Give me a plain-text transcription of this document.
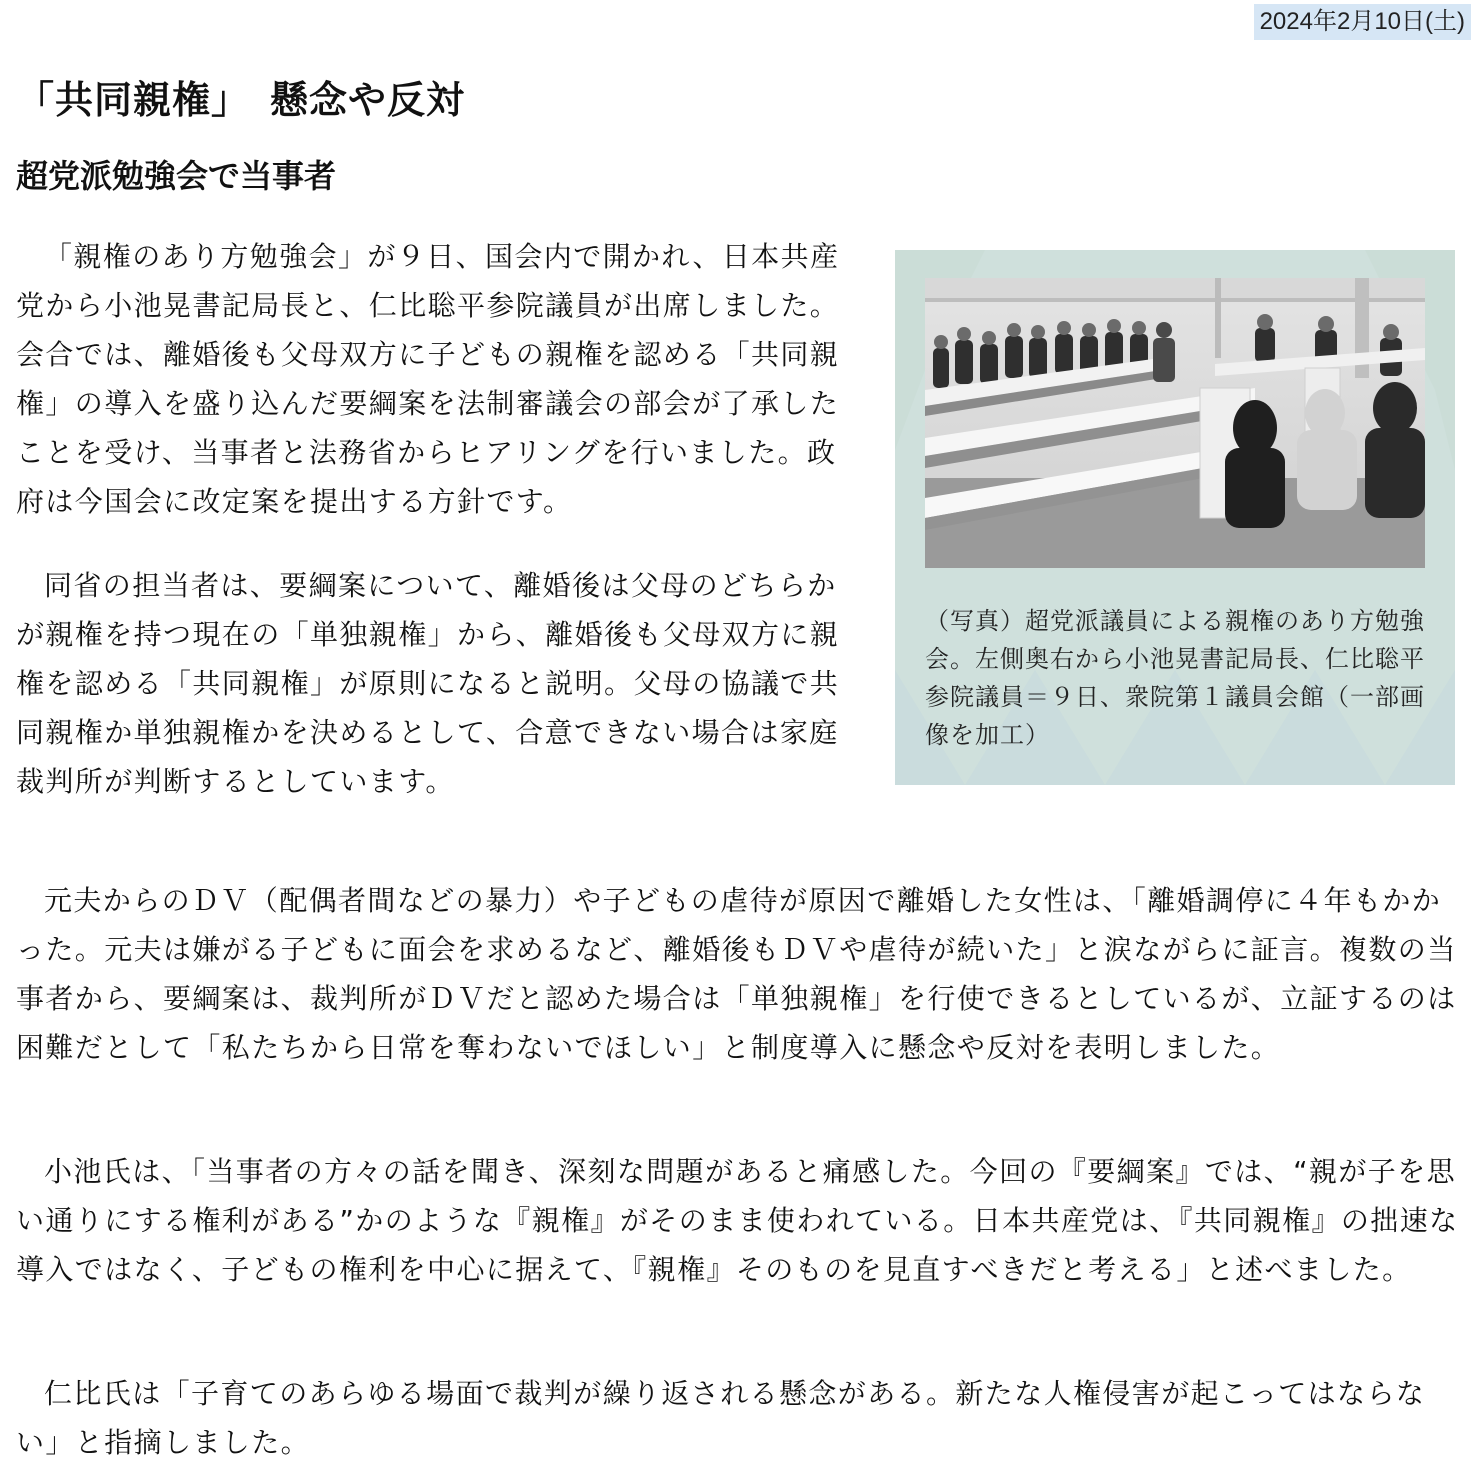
2024年2月10日(土)
「共同親権」　懸念や反対
超党派勉強会で当事者

「親権のあり方勉強会」が９日、国会内で開かれ、日本共産党から小池晃書記局長と、仁比聡平参院議員が出席しました。会合では、離婚後も父母双方に子どもの親権を認める「共同親権」の導入を盛り込んだ要綱案を法制審議会の部会が了承したことを受け、当事者と法務省からヒアリングを行いました。政府は今国会に改定案を提出する方針です。

同省の担当者は、要綱案について、離婚後は父母のどちらかが親権を持つ現在の「単独親権」から、離婚後も父母双方に親権を認める「共同親権」が原則になると説明。父母の協議で共同親権か単独親権かを決めるとして、合意できない場合は家庭裁判所が判断するとしています。

（写真）超党派議員による親権のあり方勉強会。左側奥右から小池晃書記局長、仁比聡平参院議員＝９日、衆院第１議員会館（一部画像を加工）

元夫からのＤＶ（配偶者間などの暴力）や子どもの虐待が原因で離婚した女性は、「離婚調停に４年もかかった。元夫は嫌がる子どもに面会を求めるなど、離婚後もＤＶや虐待が続いた」と涙ながらに証言。複数の当事者から、要綱案は、裁判所がＤＶだと認めた場合は「単独親権」を行使できるとしているが、立証するのは困難だとして「私たちから日常を奪わないでほしい」と制度導入に懸念や反対を表明しました。

小池氏は、「当事者の方々の話を聞き、深刻な問題があると痛感した。今回の『要綱案』では、“親が子を思い通りにする権利がある”かのような『親権』がそのまま使われている。日本共産党は、『共同親権』の拙速な導入ではなく、子どもの権利を中心に据えて、『親権』そのものを見直すべきだと考える」と述べました。

仁比氏は「子育てのあらゆる場面で裁判が繰り返される懸念がある。新たな人権侵害が起こってはならない」と指摘しました。
